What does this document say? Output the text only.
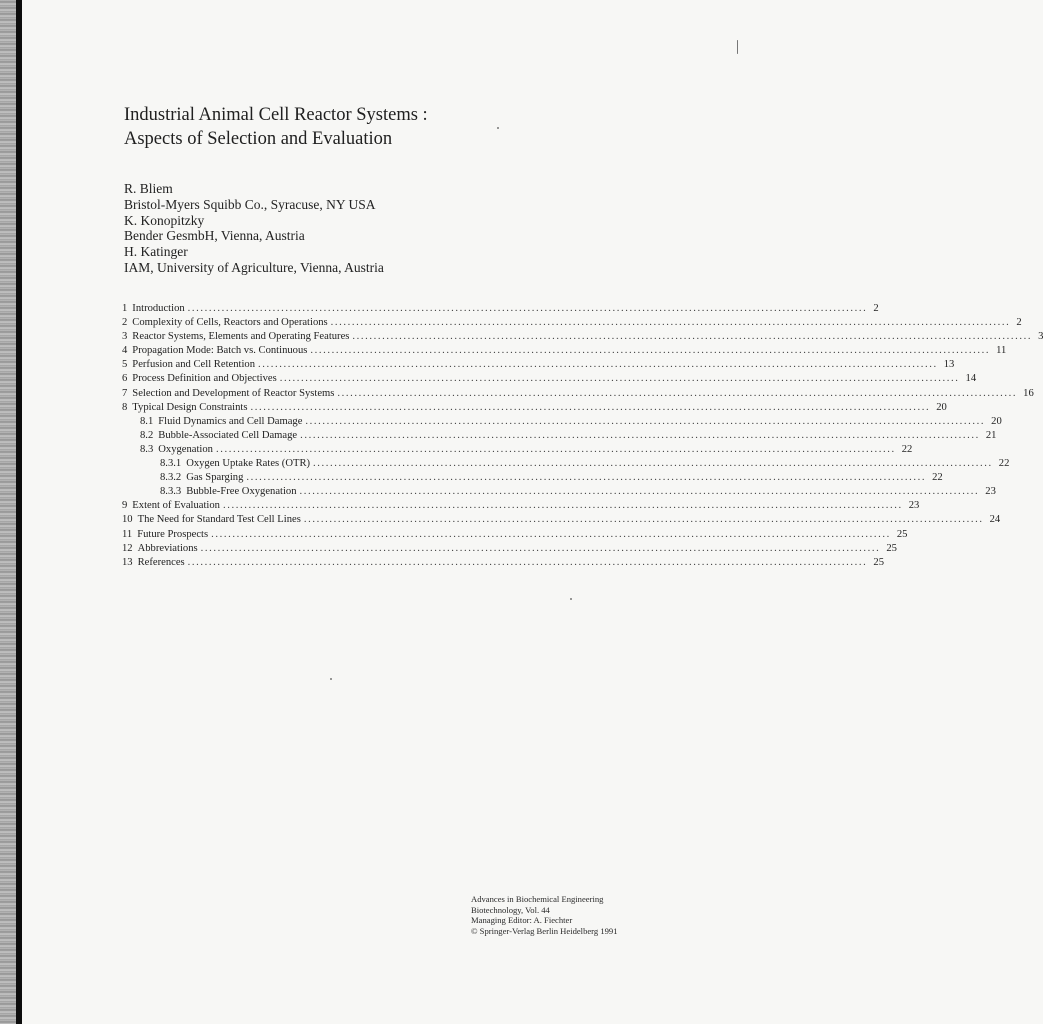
Industrial Animal Cell Reactor Systems :
Aspects of Selection and Evaluation
R. Bliem
Bristol-Myers Squibb Co., Syracuse, NY USA
K. Konopitzky
Bender GesmbH, Vienna, Austria
H. Katinger
IAM, University of Agriculture, Vienna, Austria
1 Introduction ................................................................................................................................................................ 2
2 Complexity of Cells, Reactors and Operations ................................................................................................................................................................ 2
3 Reactor Systems, Elements and Operating Features ................................................................................................................................................................ 3
4 Propagation Mode: Batch vs. Continuous ................................................................................................................................................................ 11
5 Perfusion and Cell Retention ................................................................................................................................................................ 13
6 Process Definition and Objectives ................................................................................................................................................................ 14
7 Selection and Development of Reactor Systems ................................................................................................................................................................ 16
8 Typical Design Constraints ................................................................................................................................................................ 20
8.1 Fluid Dynamics and Cell Damage ................................................................................................................................................................ 20
8.2 Bubble-Associated Cell Damage ................................................................................................................................................................ 21
8.3 Oxygenation ................................................................................................................................................................ 22
8.3.1 Oxygen Uptake Rates (OTR) ................................................................................................................................................................ 22
8.3.2 Gas Sparging ................................................................................................................................................................ 22
8.3.3 Bubble-Free Oxygenation ................................................................................................................................................................ 23
9 Extent of Evaluation ................................................................................................................................................................ 23
10 The Need for Standard Test Cell Lines ................................................................................................................................................................ 24
11 Future Prospects ................................................................................................................................................................ 25
12 Abbreviations ................................................................................................................................................................ 25
13 References ................................................................................................................................................................ 25
Advances in Biochemical Engineering
Biotechnology, Vol. 44
Managing Editor: A. Fiechter
© Springer-Verlag Berlin Heidelberg 1991
